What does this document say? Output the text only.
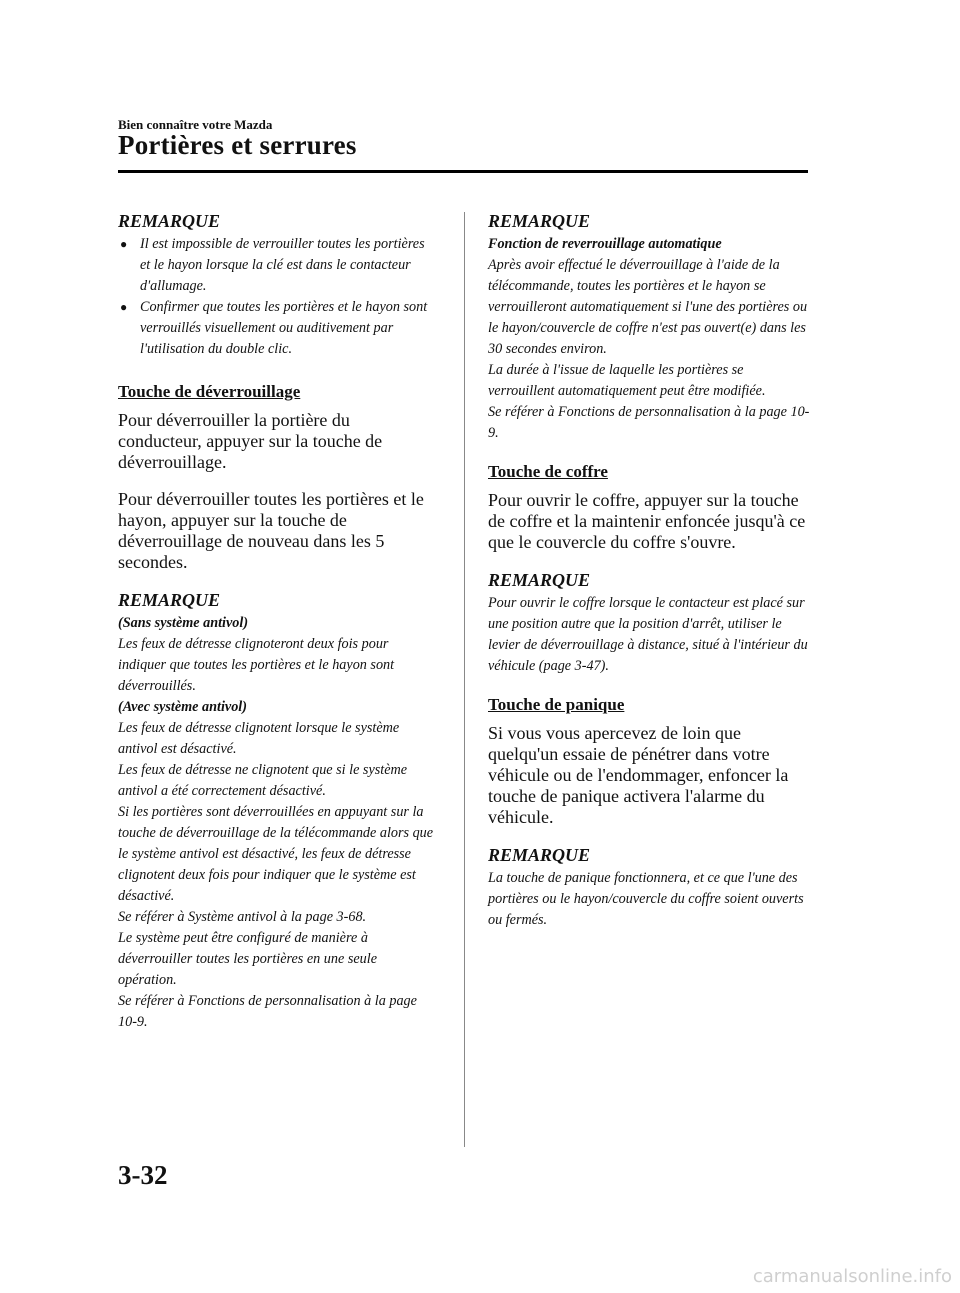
Bien connaître votre Mazda
Portières et serrures

REMARQUE

● Il est impossible de verrouiller toutes les portières et le hayon lorsque la clé est dans le contacteur d'allumage.
● Confirmer que toutes les portières et le hayon sont verrouillés visuellement ou auditivement par l'utilisation du double clic.

Touche de déverrouillage

Pour déverrouiller la portière du conducteur, appuyer sur la touche de déverrouillage.

Pour déverrouiller toutes les portières et le hayon, appuyer sur la touche de déverrouillage de nouveau dans les 5 secondes.

REMARQUE

(Sans système antivol)

Les feux de détresse clignoteront deux fois pour indiquer que toutes les portières et le hayon sont déverrouillés.

(Avec système antivol)

Les feux de détresse clignotent lorsque le système antivol est désactivé.

Les feux de détresse ne clignotent que si le système antivol a été correctement désactivé.

Si les portières sont déverrouillées en appuyant sur la touche de déverrouillage de la télécommande alors que le système antivol est désactivé, les feux de détresse clignotent deux fois pour indiquer que le système est désactivé.

Se référer à Système antivol à la page 3-68.

Le système peut être configuré de manière à déverrouiller toutes les portières en une seule opération.

Se référer à Fonctions de personnalisation à la page 10-9.

REMARQUE

Fonction de reverrouillage automatique

Après avoir effectué le déverrouillage à l'aide de la télécommande, toutes les portières et le hayon se verrouilleront automatiquement si l'une des portières ou le hayon/couvercle de coffre n'est pas ouvert(e) dans les 30 secondes environ.

La durée à l'issue de laquelle les portières se verrouillent automatiquement peut être modifiée.

Se référer à Fonctions de personnalisation à la page 10-9.

Touche de coffre

Pour ouvrir le coffre, appuyer sur la touche de coffre et la maintenir enfoncée jusqu'à ce que le couvercle du coffre s'ouvre.

REMARQUE

Pour ouvrir le coffre lorsque le contacteur est placé sur une position autre que la position d'arrêt, utiliser le levier de déverrouillage à distance, situé à l'intérieur du véhicule (page 3-47).

Touche de panique

Si vous vous apercevez de loin que quelqu'un essaie de pénétrer dans votre véhicule ou de l'endommager, enfoncer la touche de panique activera l'alarme du véhicule.

REMARQUE

La touche de panique fonctionnera, et ce que l'une des portières ou le hayon/couvercle du coffre soient ouverts ou fermés.

3-32
carmanualsonline.info
